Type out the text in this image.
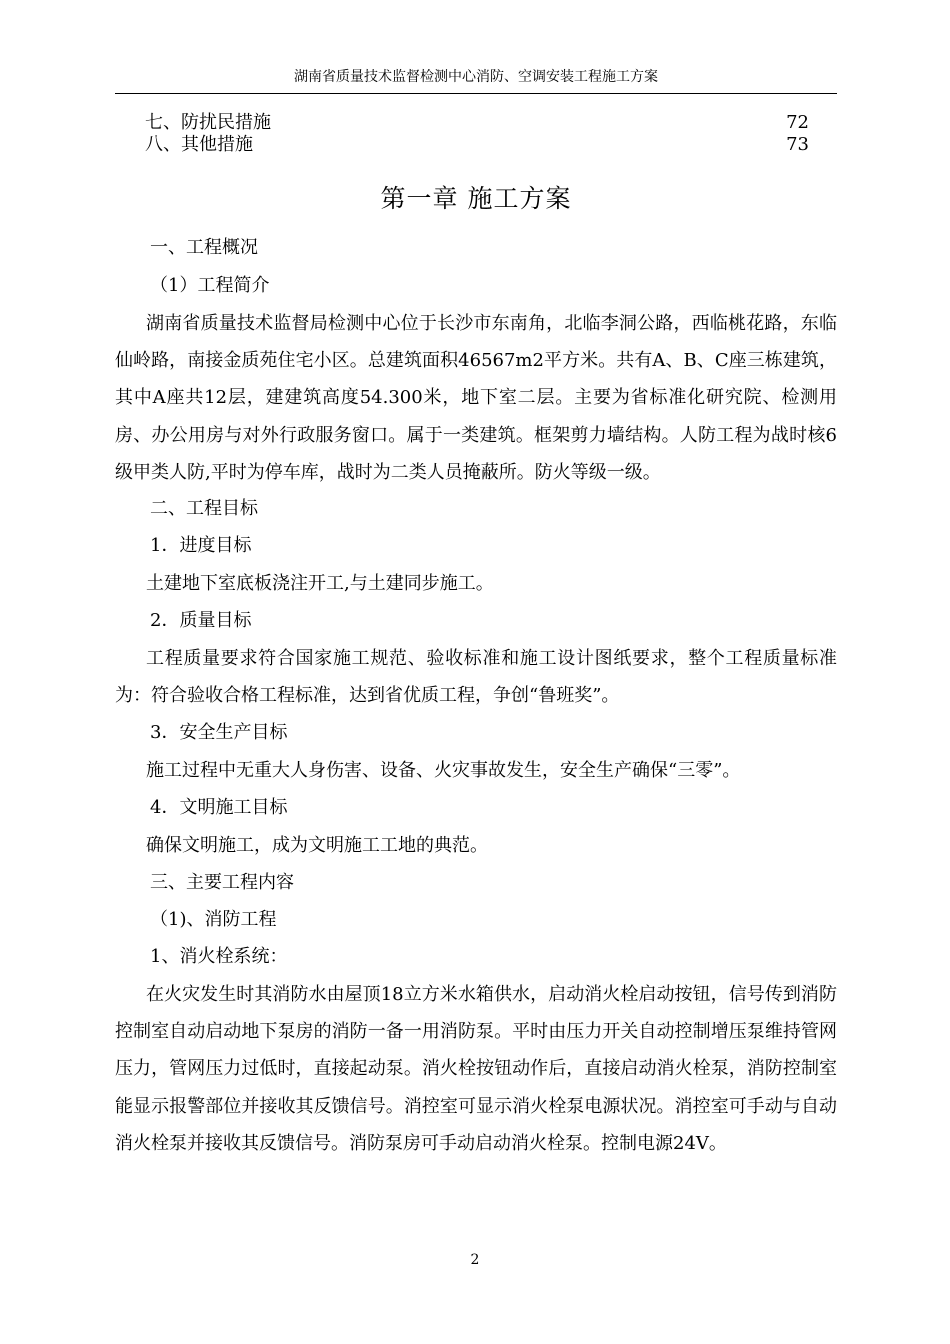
湖南省质量技术监督检测中心消防、空调安装工程施工方案
七、防扰民措施	72
八、其他措施	73
第一章 施工方案
一、工程概况
（1）工程简介
湖南省质量技术监督局检测中心位于长沙市东南角，北临李洞公路，西临桃花路，东临仙岭路，南接金质苑住宅小区。总建筑面积46567m2平方米。共有A、B、C座三栋建筑，其中A座共12层，建建筑高度54.300米，地下室二层。主要为省标准化研究院、检测用房、办公用房与对外行政服务窗口。属于一类建筑。框架剪力墙结构。人防工程为战时核6级甲类人防,平时为停车库，战时为二类人员掩蔽所。防火等级一级。
二、工程目标
1．进度目标
土建地下室底板浇注开工,与土建同步施工。
2．质量目标
工程质量要求符合国家施工规范、验收标准和施工设计图纸要求，整个工程质量标准为：符合验收合格工程标准，达到省优质工程，争创“鲁班奖”。
3．安全生产目标
施工过程中无重大人身伤害、设备、火灾事故发生，安全生产确保“三零”。
4．文明施工目标
确保文明施工，成为文明施工工地的典范。
三、主要工程内容
（1)、消防工程
1、消火栓系统：
在火灾发生时其消防水由屋顶18立方米水箱供水，启动消火栓启动按钮，信号传到消防控制室自动启动地下泵房的消防一备一用消防泵。平时由压力开关自动控制增压泵维持管网压力，管网压力过低时，直接起动泵。消火栓按钮动作后，直接启动消火栓泵，消防控制室能显示报警部位并接收其反馈信号。消控室可显示消火栓泵电源状况。消控室可手动与自动消火栓泵并接收其反馈信号。消防泵房可手动启动消火栓泵。控制电源24V。
2
